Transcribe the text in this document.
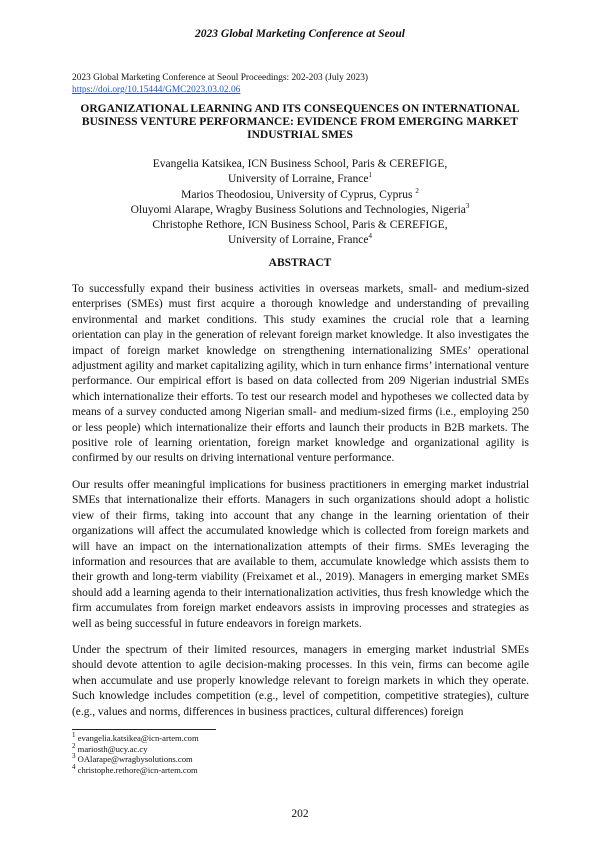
2023 Global Marketing Conference at Seoul
2023 Global Marketing Conference at Seoul Proceedings: 202-203 (July 2023)
https://doi.org/10.15444/GMC2023.03.02.06
ORGANIZATIONAL LEARNING AND ITS CONSEQUENCES ON INTERNATIONAL BUSINESS VENTURE PERFORMANCE: EVIDENCE FROM EMERGING MARKET INDUSTRIAL SMES
Evangelia Katsikea, ICN Business School, Paris & CEREFIGE,
University of Lorraine, France$^1$
Marios Theodosiou, University of Cyprus, Cyprus $^2$
Oluyomi Alarape, Wragby Business Solutions and Technologies, Nigeria$^3$
Christophe Rethore, ICN Business School, Paris & CEREFIGE,
University of Lorraine, France$^4$
ABSTRACT

To successfully expand their business activities in overseas markets, small- and medium-sized enterprises (SMEs) must first acquire a thorough knowledge and understanding of prevailing environmental and market conditions. This study examines the crucial role that a learning orientation can play in the generation of relevant foreign market knowledge. It also investigates the impact of foreign market knowledge on strengthening internationalizing SMEs’ operational adjustment agility and market capitalizing agility, which in turn enhance firms’ international venture performance. Our empirical effort is based on data collected from 209 Nigerian industrial SMEs which internationalize their efforts. To test our research model and hypotheses we collected data by means of a survey conducted among Nigerian small- and medium-sized firms (i.e., employing 250 or less people) which internationalize their efforts and launch their products in B2B markets. The positive role of learning orientation, foreign market knowledge and organizational agility is confirmed by our results on driving international venture performance.

Our results offer meaningful implications for business practitioners in emerging market industrial SMEs that internationalize their efforts. Managers in such organizations should adopt a holistic view of their firms, taking into account that any change in the learning orientation of their organizations will affect the accumulated knowledge which is collected from foreign markets and will have an impact on the internationalization attempts of their firms. SMEs leveraging the information and resources that are available to them, accumulate knowledge which assists them to their growth and long-term viability (Freixamet et al., 2019). Managers in emerging market SMEs should add a learning agenda to their internationalization activities, thus fresh knowledge which the firm accumulates from foreign market endeavors assists in improving processes and strategies as well as being successful in future endeavors in foreign markets.

Under the spectrum of their limited resources, managers in emerging market industrial SMEs should devote attention to agile decision-making processes. In this vein, firms can become agile when accumulate and use properly knowledge relevant to foreign markets in which they operate. Such knowledge includes competition (e.g., level of competition, competitive strategies), culture (e.g., values and norms, differences in business practices, cultural differences) foreign

$^1$ evangelia.katsikea@icn-artem.com
$^2$ mariosth@ucy.ac.cy
$^3$ OAlarape@wragbysolutions.com
$^4$ christophe.rethore@icn-artem.com
202
